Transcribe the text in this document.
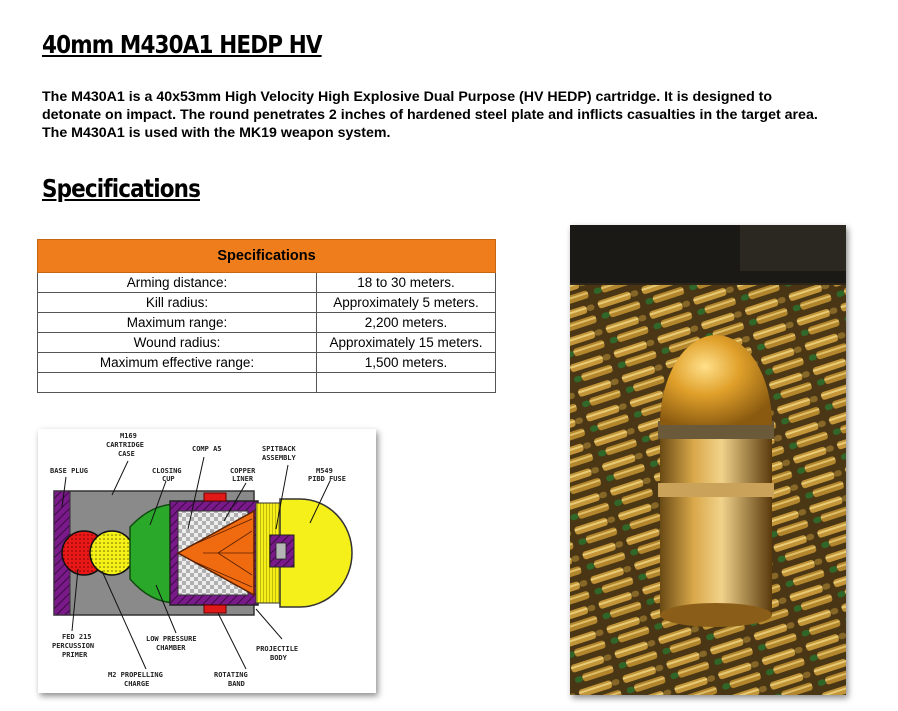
40mm M430A1 HEDP HV
The M430A1 is a 40x53mm High Velocity High Explosive Dual Purpose (HV HEDP) cartridge. It is designed to detonate on impact. The round penetrates 2 inches of hardened steel plate and inflicts casualties in the target area. The M430A1 is used with the MK19 weapon system.
Specifications
Specifications	
Arming distance:	18 to 30 meters.
Kill radius:	Approximately 5 meters.
Maximum range:	2,200 meters.
Wound radius:	Approximately 15 meters.
Maximum effective range:	1,500 meters.

M169
CARTRIDGE
CASE
COMP A5	SPITBACK
ASSEMBLY
BASE PLUG	CLOSING
CUP
COPPER
LINER
M549
PIBD FUSE
FED 215
PERCUSSION
PRIMER
LOW PRESSURE
CHAMBER	PROJECTILE
BODY
M2 PROPELLING
CHARGE
ROTATING
BAND
